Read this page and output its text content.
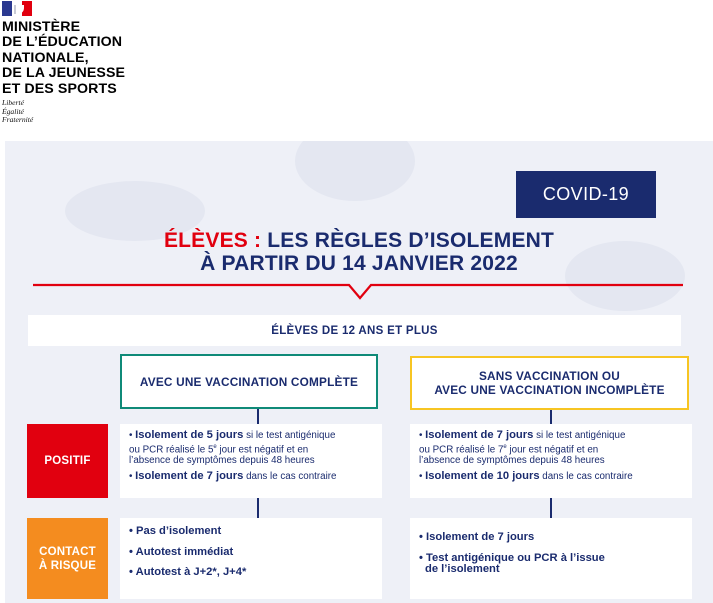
MINISTÈRE
DE L’ÉDUCATION
NATIONALE,
DE LA JEUNESSE
ET DES SPORTS
Liberté
Égalité
Fraternité
COVID-19
ÉLÈVES : LES RÈGLES D’ISOLEMENT
À PARTIR DU 14 JANVIER 2022
ÉLÈVES DE 12 ANS ET PLUS
AVEC UNE VACCINATION COMPLÈTE	SANS VACCINATION OU
AVEC UNE VACCINATION INCOMPLÈTE
POSITIF
CONTACT
À RISQUE

• Isolement de 5 jours si le test antigénique
ou PCR réalisé le 5e jour est négatif et en
l’absence de symptômes depuis 48 heures

• Isolement de 7 jours dans le cas contraire

• Isolement de 7 jours si le test antigénique
ou PCR réalisé le 7e jour est négatif et en
l’absence de symptômes depuis 48 heures

• Isolement de 10 jours dans le cas contraire

• Pas d’isolement

• Autotest immédiat

• Autotest à J+2*, J+4*

• Isolement de 7 jours

• Test antigénique ou PCR à l’issue
de l’isolement
